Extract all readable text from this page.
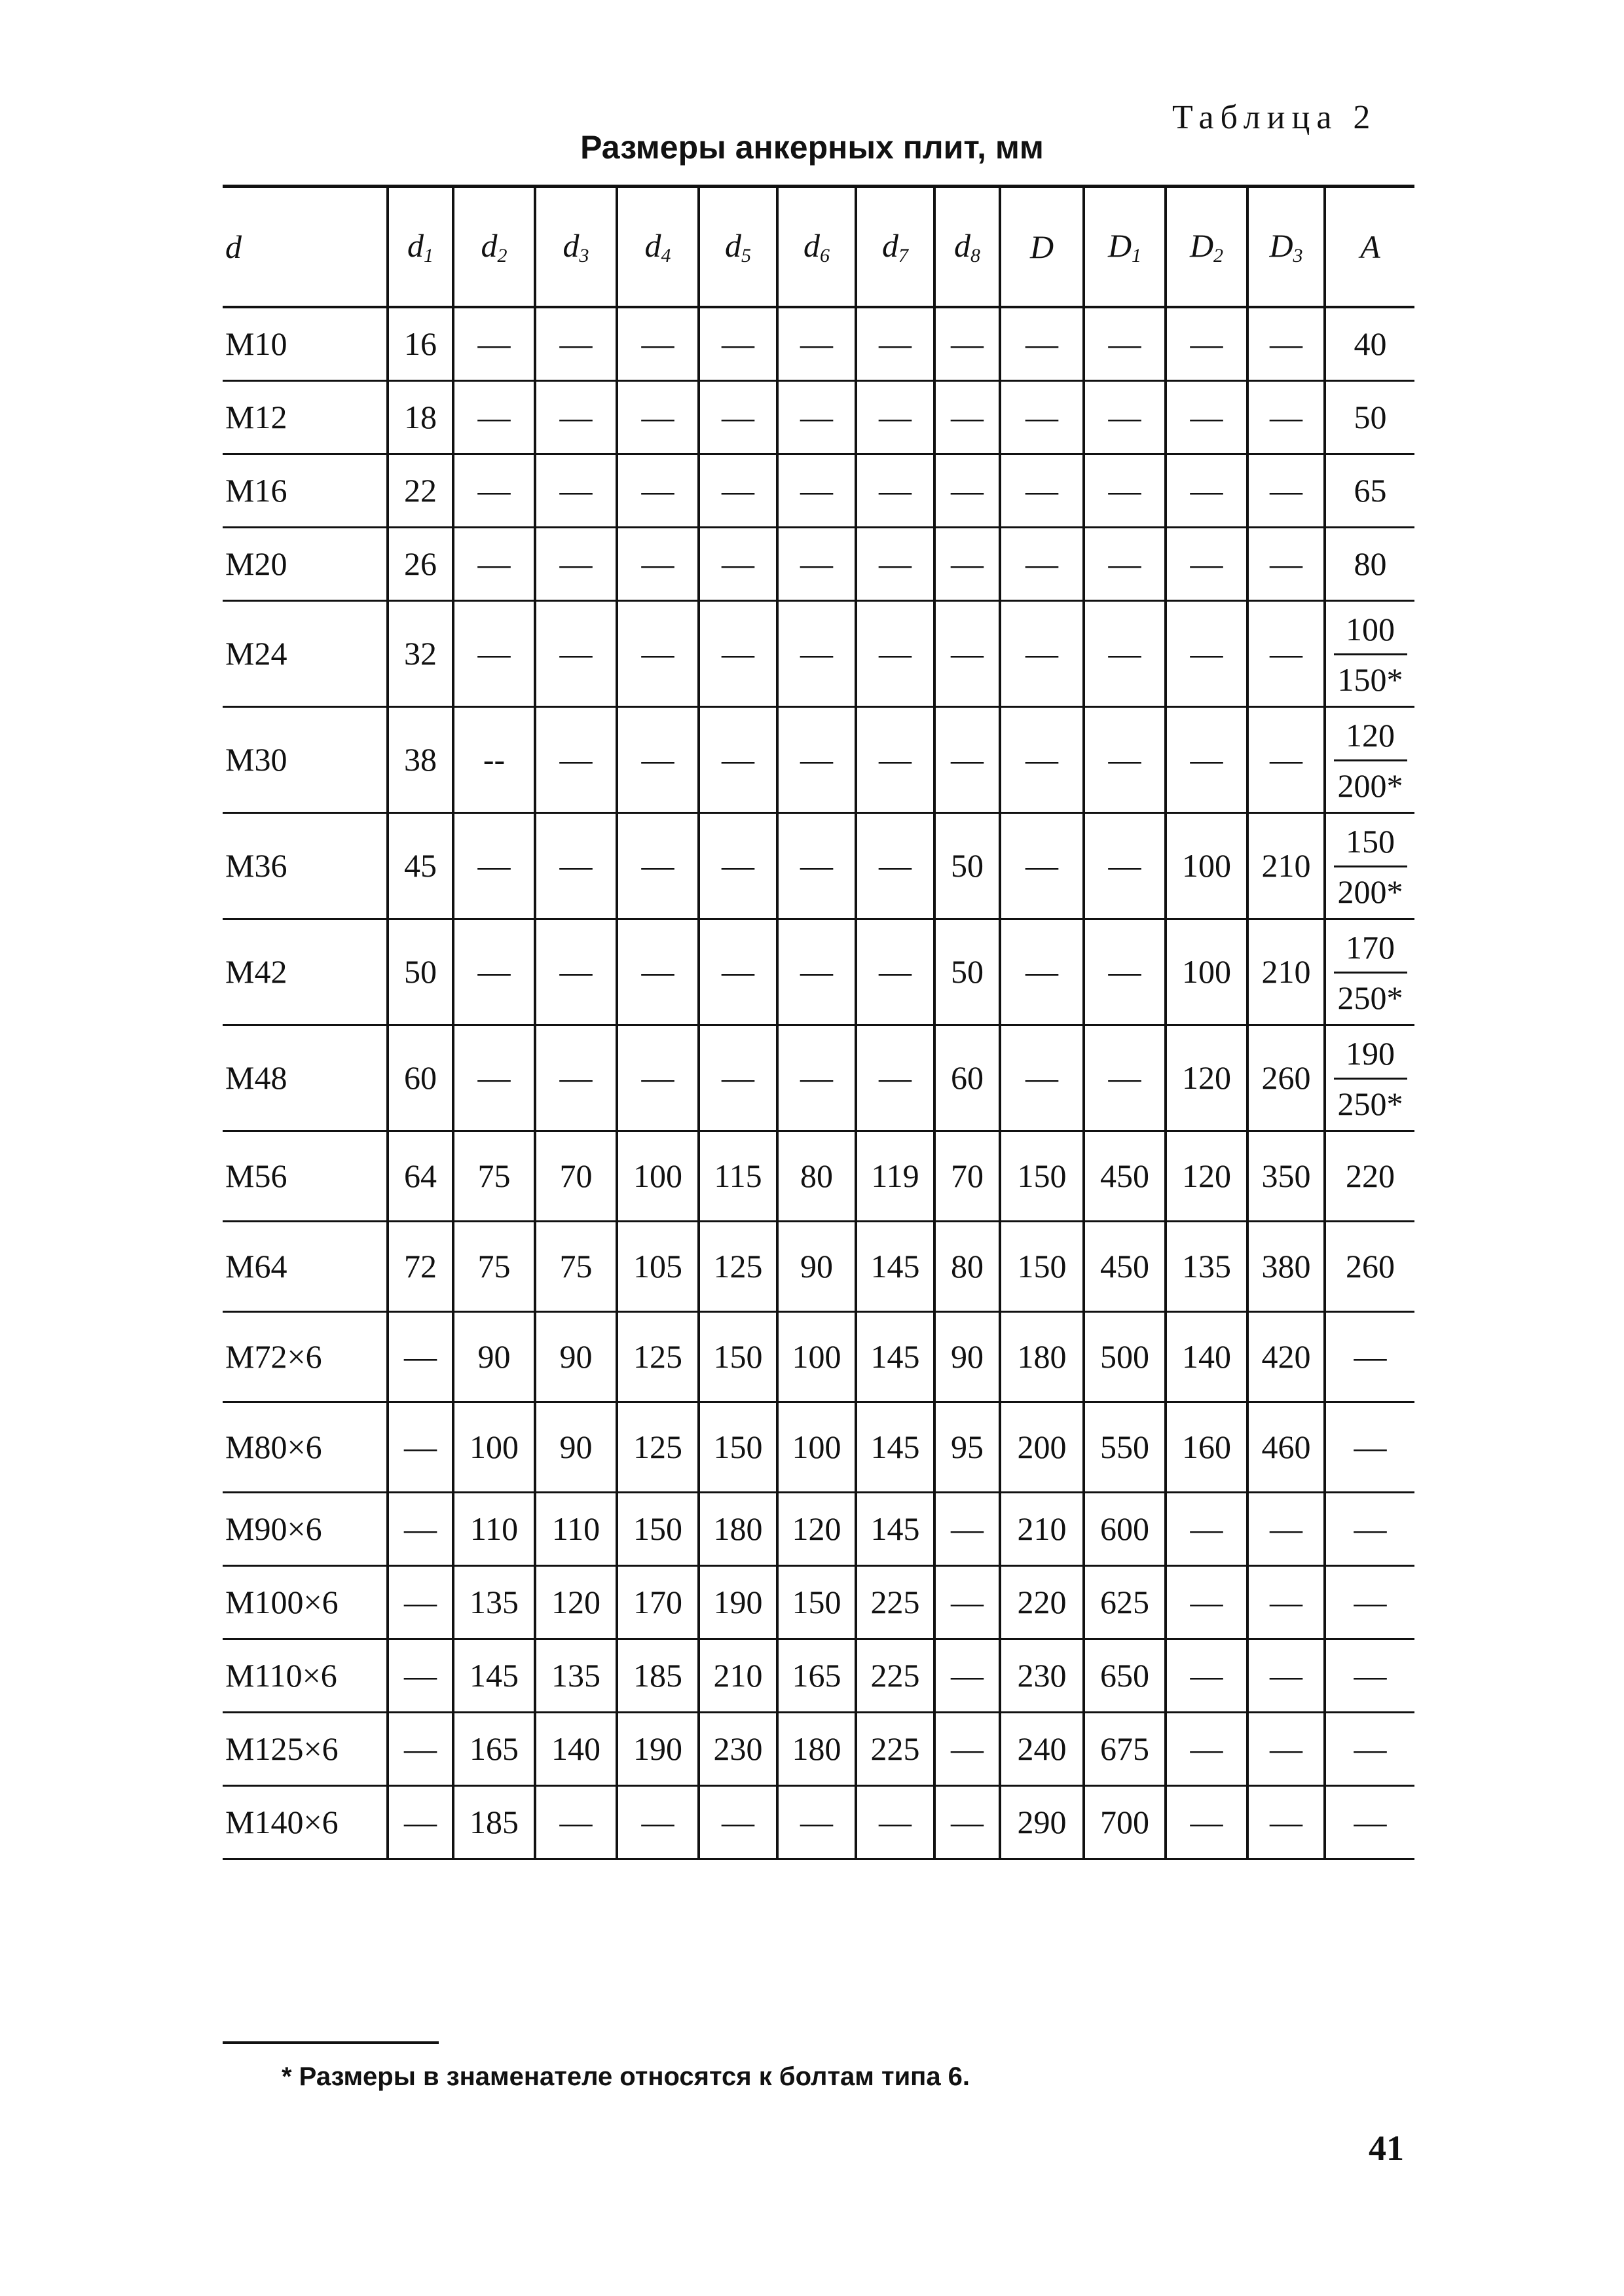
Таблица 2
Размеры анкерных плит, мм
d	$d_1$	$d_2$	$d_3$	$d_4$	$d_5$	$d_6$	$d_7$	$d_8$	D	$D_1$	$D_2$	$D_3$	A
M10	16	—	—	—	—	—	—	—	—	—	—	—	40
M12	18	—	—	—	—	—	—	—	—	—	—	—	50
M16	22	—	—	—	—	—	—	—	—	—	—	—	65
M20	26	—	—	—	—	—	—	—	—	—	—	—	80
M24	32	—	—	—	—	—	—	—	—	—	—	—	$\frac{100}{150*}$

M30	38	--	—	—	—	—	—	—	—	—	—	—	$\frac{120}{200*}$

M36	45	—	—	—	—	—	—	50	—	—	100	210	$\frac{150}{200*}$

M42	50	—	—	—	—	—	—	50	—	—	100	210	$\frac{170}{250*}$

M48	60	—	—	—	—	—	—	60	—	—	120	260	$\frac{190}{250*}$

M56	64	75	70	100	115	80	119	70	150	450	120	350	220
M64	72	75	75	105	125	90	145	80	150	450	135	380	260
M72×6	—	90	90	125	150	100	145	90	180	500	140	420	—
M80×6	—	100	90	125	150	100	145	95	200	550	160	460	—
M90×6	—	110	110	150	180	120	145	—	210	600	—	—	—
M100×6	—	135	120	170	190	150	225	—	220	625	—	—	—
M110×6	—	145	135	185	210	165	225	—	230	650	—	—	—
M125×6	—	165	140	190	230	180	225	—	240	675	—	—	—
M140×6	—	185	—	—	—	—	—	—	290	700	—	—	—
* Размеры в знаменателе относятся к болтам типа 6.
41
